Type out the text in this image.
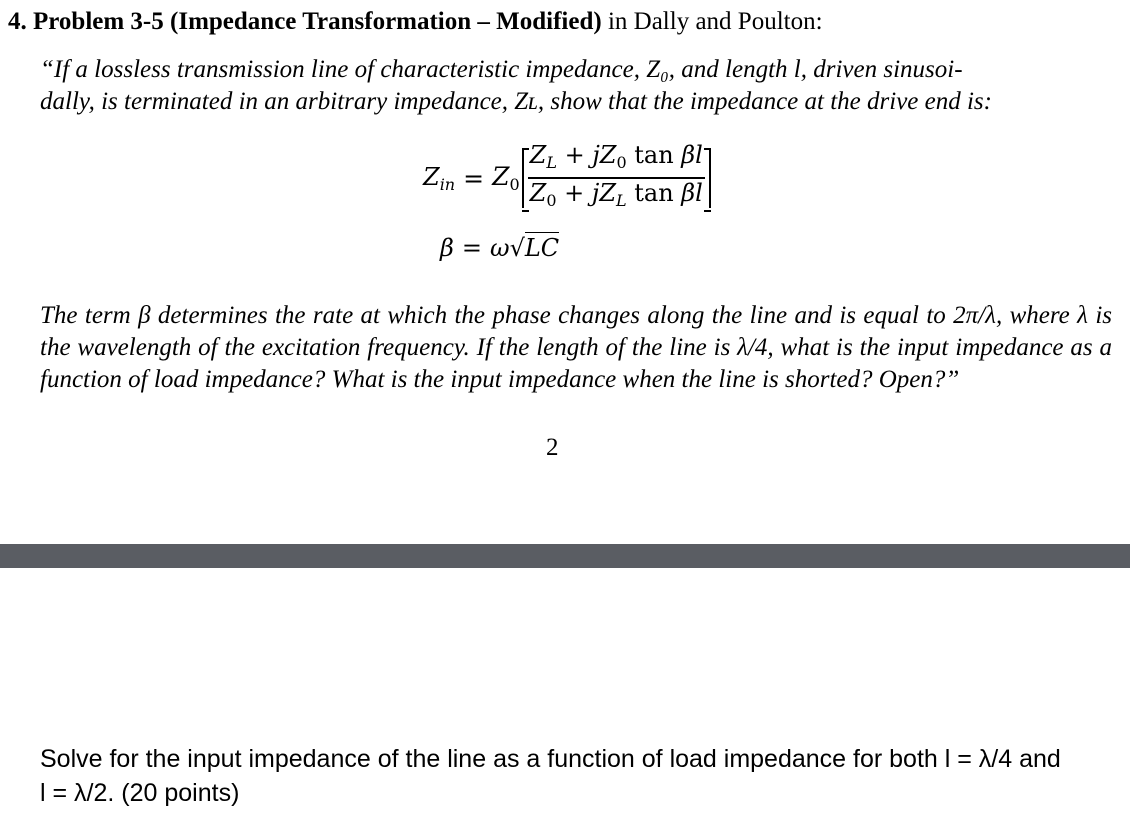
4. Problem 3-5 (Impedance Transformation – Modified) in Dally and Poulton:
“If a lossless transmission line of characteristic impedance, Z₀, and length l, driven sinusoi-
dally, is terminated in an arbitrary impedance, Zʟ, show that the impedance at the drive end is:
$Z_{in} = Z_0 \frac{Z_L + jZ_0 \tan \beta l}{Z_0 + jZ_L \tan \beta l}$
β = ω√LC
The term β determines the rate at which the phase changes along the line and is equal to 2π/λ, where λ is the wavelength of the excitation frequency. If the length of the line is λ/4, what is the input impedance as a function of load impedance? What is the input impedance when the line is shorted? Open?”
2
Solve for the input impedance of the line as a function of load impedance for both l = λ/4 and
l = λ/2. (20 points)
